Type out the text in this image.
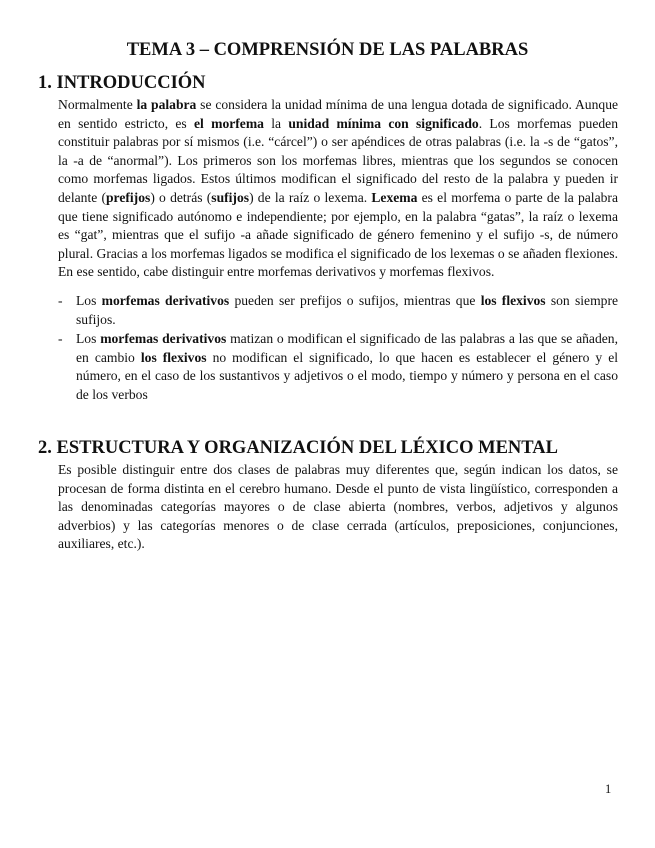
TEMA 3 – COMPRENSIÓN DE LAS PALABRAS
1. INTRODUCCIÓN

Normalmente la palabra se considera la unidad mínima de una lengua dotada de significado. Aunque en sentido estricto, es el morfema la unidad mínima con significado. Los morfemas pueden constituir palabras por sí mismos (i.e. “cárcel”) o ser apéndices de otras palabras (i.e. la -s de “gatos”, la -a de “anormal”). Los primeros son los morfemas libres, mientras que los segundos se conocen como morfemas ligados. Estos últimos modifican el significado del resto de la palabra y pueden ir delante (prefijos) o detrás (sufijos) de la raíz o lexema. Lexema es el morfema o parte de la palabra que tiene significado autónomo e independiente; por ejemplo, en la palabra “gatas”, la raíz o lexema es “gat”, mientras que el sufijo -a añade significado de género femenino y el sufijo -s, de número plural. Gracias a los morfemas ligados se modifica el significado de los lexemas o se añaden flexiones. En ese sentido, cabe distinguir entre morfemas derivativos y morfemas flexivos.

- Los morfemas derivativos pueden ser prefijos o sufijos, mientras que los flexivos son siempre sufijos.
- Los morfemas derivativos matizan o modifican el significado de las palabras a las que se añaden, en cambio los flexivos no modifican el significado, lo que hacen es establecer el género y el número, en el caso de los sustantivos y adjetivos o el modo, tiempo y número y persona en el caso de los verbos
2. ESTRUCTURA Y ORGANIZACIÓN DEL LÉXICO MENTAL

Es posible distinguir entre dos clases de palabras muy diferentes que, según indican los datos, se procesan de forma distinta en el cerebro humano. Desde el punto de vista lingüístico, corresponden a las denominadas categorías mayores o de clase abierta (nombres, verbos, adjetivos y algunos adverbios) y las categorías menores o de clase cerrada (artículos, preposiciones, conjunciones, auxiliares, etc.).

1
